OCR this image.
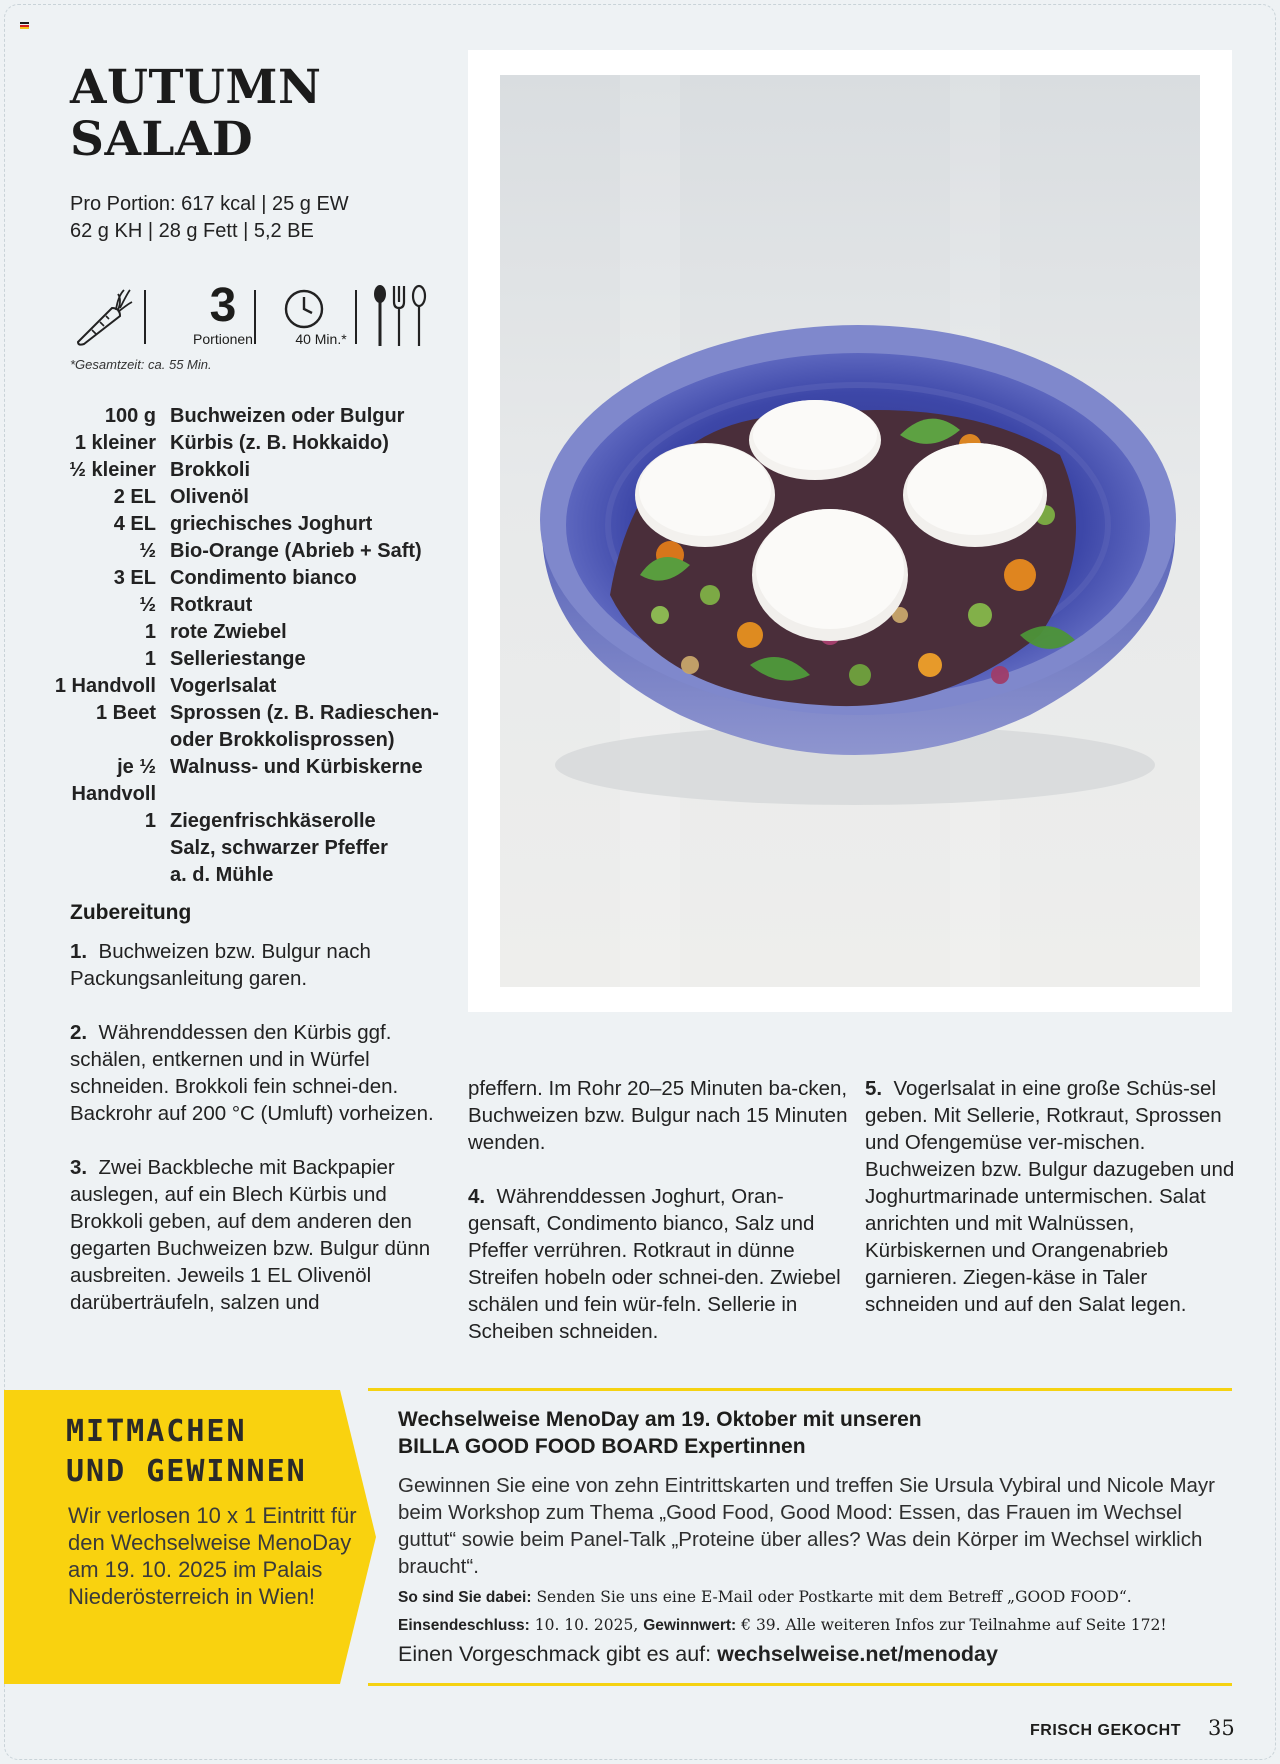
AUTUMN
SALAD
Pro Portion: 617 kcal | 25 g EW
62 g KH | 28 g Fett | 5,2 BE
3
Portionen	40 Min.*
*Gesamtzeit: ca. 55 Min.
100 g Buchweizen oder Bulgur
1 kleiner Kürbis (z. B. Hokkaido)
½ kleiner Brokkoli
2 EL Olivenöl
4 EL griechisches Joghurt
½ Bio-Orange (Abrieb + Saft)
3 EL Condimento bianco
½ Rotkraut
1 rote Zwiebel
1 Selleriestange
1 Handvoll Vogerlsalat
1 Beet Sprossen (z. B. Radieschen-
oder Brokkolisprossen)
je ½ Handvoll
Walnuss- und Kürbiskerne
1 Ziegenfrischkäserolle
Salz, schwarzer Pfeffer
a. d. Mühle
Zubereitung

1. Buchweizen bzw. Bulgur nach Packungsanleitung garen.

2. Währenddessen den Kürbis ggf. schälen, entkernen und in Würfel schneiden. Brokkoli fein schnei-den. Backrohr auf 200 °C (Umluft) vorheizen.

3. Zwei Backbleche mit Backpapier auslegen, auf ein Blech Kürbis und Brokkoli geben, auf dem anderen den gegarten Buchweizen bzw. Bulgur dünn ausbreiten. Jeweils 1 EL Olivenöl darüberträufeln, salzen und

pfeffern. Im Rohr 20–25 Minuten ba-cken, Buchweizen bzw. Bulgur nach 15 Minuten wenden.

4. Währenddessen Joghurt, Oran-gensaft, Condimento bianco, Salz und Pfeffer verrühren. Rotkraut in dünne Streifen hobeln oder schnei-den. Zwiebel schälen und fein wür-feln. Sellerie in Scheiben schneiden.

5. Vogerlsalat in eine große Schüs-sel geben. Mit Sellerie, Rotkraut, Sprossen und Ofengemüse ver-mischen. Buchweizen bzw. Bulgur dazugeben und Joghurtmarinade untermischen. Salat anrichten und mit Walnüssen, Kürbiskernen und Orangenabrieb garnieren. Ziegen-käse in Taler schneiden und auf den Salat legen.

MITMACHEN
UND GEWINNEN
Wir verlosen 10 x 1 Eintritt für den Wechselweise MenoDay am 19. 10. 2025 im Palais Niederösterreich in Wien!
Wechselweise MenoDay am 19. Oktober mit unseren
BILLA GOOD FOOD BOARD Expertinnen
Gewinnen Sie eine von zehn Eintrittskarten und treffen Sie Ursula Vybiral und Nicole Mayr beim Workshop zum Thema „Good Food, Good Mood: Essen, das Frauen im Wechsel guttut“ sowie beim Panel-Talk „Proteine über alles? Was dein Körper im Wechsel wirklich braucht“.
So sind Sie dabei: Senden Sie uns eine E-Mail oder Postkarte mit dem Betreff „GOOD FOOD“.
Einsendeschluss: 10. 10. 2025, Gewinnwert: € 39. Alle weiteren Infos zur Teilnahme auf Seite 172!
Einen Vorgeschmack gibt es auf: wechselweise.net/menoday
FRISCH GEKOCHT 35
